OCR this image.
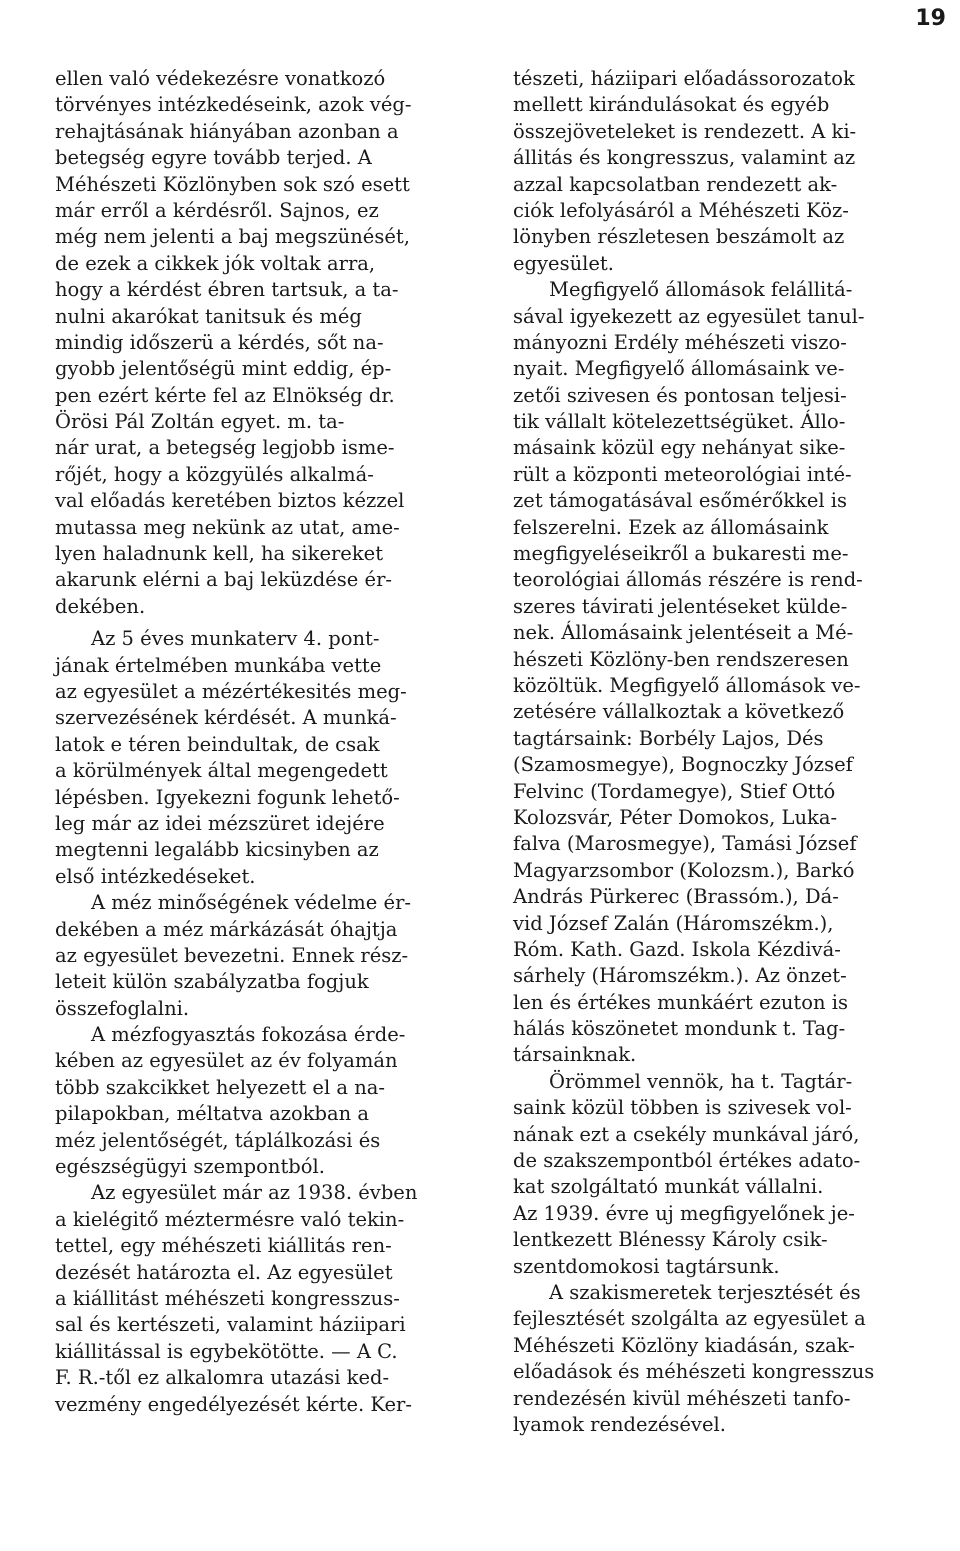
19
ellen való védekezésre vonatkozó
törvényes intézkedéseink, azok vég-
rehajtásának hiányában azonban a
betegség egyre tovább terjed. A
Méhészeti Közlönyben sok szó esett
már erről a kérdésről. Sajnos, ez
még nem jelenti a baj megszünését,
de ezek a cikkek jók voltak arra,
hogy a kérdést ébren tartsuk, a ta-
nulni akarókat tanitsuk és még
mindig időszerü a kérdés, sőt na-
gyobb jelentőségü mint eddig, ép-
pen ezért kérte fel az Elnökség dr.
Örösi Pál Zoltán egyet. m. ta-
nár urat, a betegség legjobb isme-
rőjét, hogy a közgyülés alkalmá-
val előadás keretében biztos kézzel
mutassa meg nekünk az utat, ame-
lyen haladnunk kell, ha sikereket
akarunk elérni a baj leküzdése ér-
dekében.
Az 5 éves munkaterv 4. pont-
jának értelmében munkába vette
az egyesület a mézértékesités meg-
szervezésének kérdését. A munká-
latok e téren beindultak, de csak
a körülmények által megengedett
lépésben. Igyekezni fogunk lehető-
leg már az idei mézszüret idejére
megtenni legalább kicsinyben az
első intézkedéseket.
A méz minőségének védelme ér-
dekében a méz márkázását óhajtja
az egyesület bevezetni. Ennek rész-
leteit külön szabályzatba fogjuk
összefoglalni.
A mézfogyasztás fokozása érde-
kében az egyesület az év folyamán
több szakcikket helyezett el a na-
pilapokban, méltatva azokban a
méz jelentőségét, táplálkozási és
egészségügyi szempontból.
Az egyesület már az 1938. évben
a kielégitő méztermésre való tekin-
tettel, egy méhészeti kiállitás ren-
dezését határozta el. Az egyesület
a kiállitást méhészeti kongresszus-
sal és kertészeti, valamint háziipari
kiállitással is egybekötötte. — A C.
F. R.-től ez alkalomra utazási ked-
vezmény engedélyezését kérte. Ker-
tészeti, háziipari előadássorozatok
mellett kirándulásokat és egyéb
összejöveteleket is rendezett. A ki-
állitás és kongresszus, valamint az
azzal kapcsolatban rendezett ak-
ciók lefolyásáról a Méhészeti Köz-
lönyben részletesen beszámolt az
egyesület.
Megfigyelő állomások felállitá-
sával igyekezett az egyesület tanul-
mányozni Erdély méhészeti viszo-
nyait. Megfigyelő állomásaink ve-
zetői szivesen és pontosan teljesi-
tik vállalt kötelezettségüket. Állo-
másaink közül egy nehányat sike-
rült a központi meteorológiai inté-
zet támogatásával esőmérőkkel is
felszerelni. Ezek az állomásaink
megfigyeléseikről a bukaresti me-
teorológiai állomás részére is rend-
szeres távirati jelentéseket külde-
nek. Állomásaink jelentéseit a Mé-
hészeti Közlöny-ben rendszeresen
közöltük. Megfigyelő állomások ve-
zetésére vállalkoztak a következő
tagtársaink: Borbély Lajos, Dés
(Szamosmegye), Bognoczky József
Felvinc (Tordamegye), Stief Ottó
Kolozsvár, Péter Domokos, Luka-
falva (Marosmegye), Tamási József
Magyarzsombor (Kolozsm.), Barkó
András Pürkerec (Brassóm.), Dá-
vid József Zalán (Háromszékm.),
Róm. Kath. Gazd. Iskola Kézdivá-
sárhely (Háromszékm.). Az önzet-
len és értékes munkáért ezuton is
hálás köszönetet mondunk t. Tag-
társainknak.
Örömmel vennök, ha t. Tagtár-
saink közül többen is szivesek vol-
nának ezt a csekély munkával járó,
de szakszempontból értékes adato-
kat szolgáltató munkát vállalni.
Az 1939. évre uj megfigyelőnek je-
lentkezett Blénessy Károly csik-
szentdomokosi tagtársunk.
A szakismeretek terjesztését és
fejlesztését szolgálta az egyesület a
Méhészeti Közlöny kiadásán, szak-
előadások és méhészeti kongresszus
rendezésén kivül méhészeti tanfo-
lyamok rendezésével.
